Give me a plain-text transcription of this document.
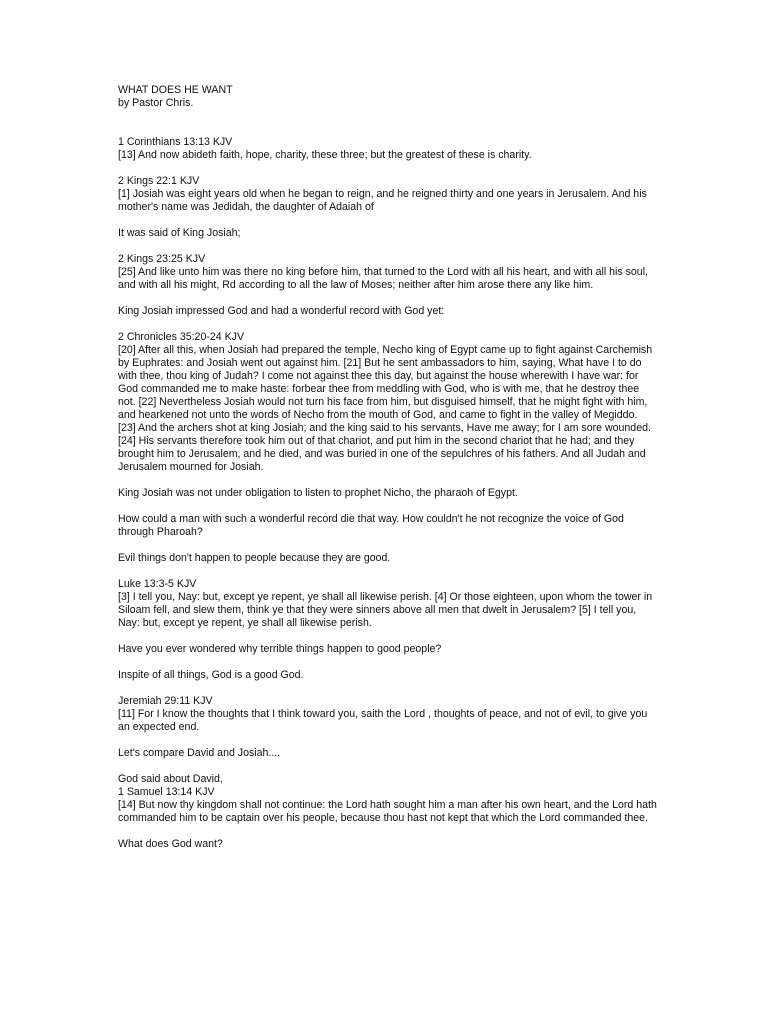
WHAT DOES HE WANT
by Pastor Chris.
1 Corinthians 13:13 KJV
[13] And now abideth faith, hope, charity, these three; but the greatest of these is charity.
2 Kings 22:1 KJV
[1] Josiah was eight years old when he began to reign, and he reigned thirty and one years in Jerusalem. And his mother's name was Jedidah, the daughter of Adaiah of
It was said of King Josiah;
2 Kings 23:25 KJV
[25] And like unto him was there no king before him, that turned to the Lord with all his heart, and with all his soul, and with all his might, Rd according to all the law of Moses; neither after him arose there any like him.
King Josiah impressed God and had a wonderful record with God yet:
2 Chronicles 35:20-24 KJV
[20] After all this, when Josiah had prepared the temple, Necho king of Egypt came up to fight against Carchemish by Euphrates: and Josiah went out against him. [21] But he sent ambassadors to him, saying, What have I to do with thee, thou king of Judah? I come not against thee this day, but against the house wherewith I have war: for God commanded me to make haste: forbear thee from meddling with God, who is with me, that he destroy thee not. [22] Nevertheless Josiah would not turn his face from him, but disguised himself, that he might fight with him, and hearkened not unto the words of Necho from the mouth of God, and came to fight in the valley of Megiddo. [23] And the archers shot at king Josiah; and the king said to his servants, Have me away; for I am sore wounded. [24] His servants therefore took him out of that chariot, and put him in the second chariot that he had; and they brought him to Jerusalem, and he died, and was buried in one of the sepulchres of his fathers. And all Judah and Jerusalem mourned for Josiah.
King Josiah was not under obligation to listen to prophet Nicho, the pharaoh of Egypt.
How could a man with such a wonderful record die that way. How couldn't he not recognize the voice of God through Pharoah?
Evil things don't happen to people because they are good.
Luke 13:3-5 KJV
[3] I tell you, Nay: but, except ye repent, ye shall all likewise perish. [4] Or those eighteen, upon whom the tower in Siloam fell, and slew them, think ye that they were sinners above all men that dwelt in Jerusalem? [5] I tell you, Nay: but, except ye repent, ye shall all likewise perish.
Have you ever wondered why terrible things happen to good people?
Inspite of all things, God is a good God.
Jeremiah 29:11 KJV
[11] For I know the thoughts that I think toward you, saith the Lord , thoughts of peace, and not of evil, to give you an expected end.
Let's compare David and Josiah....
God said about David,
1 Samuel 13:14 KJV
[14] But now thy kingdom shall not continue: the Lord hath sought him a man after his own heart, and the Lord hath commanded him to be captain over his people, because thou hast not kept that which the Lord commanded thee.
What does God want?
